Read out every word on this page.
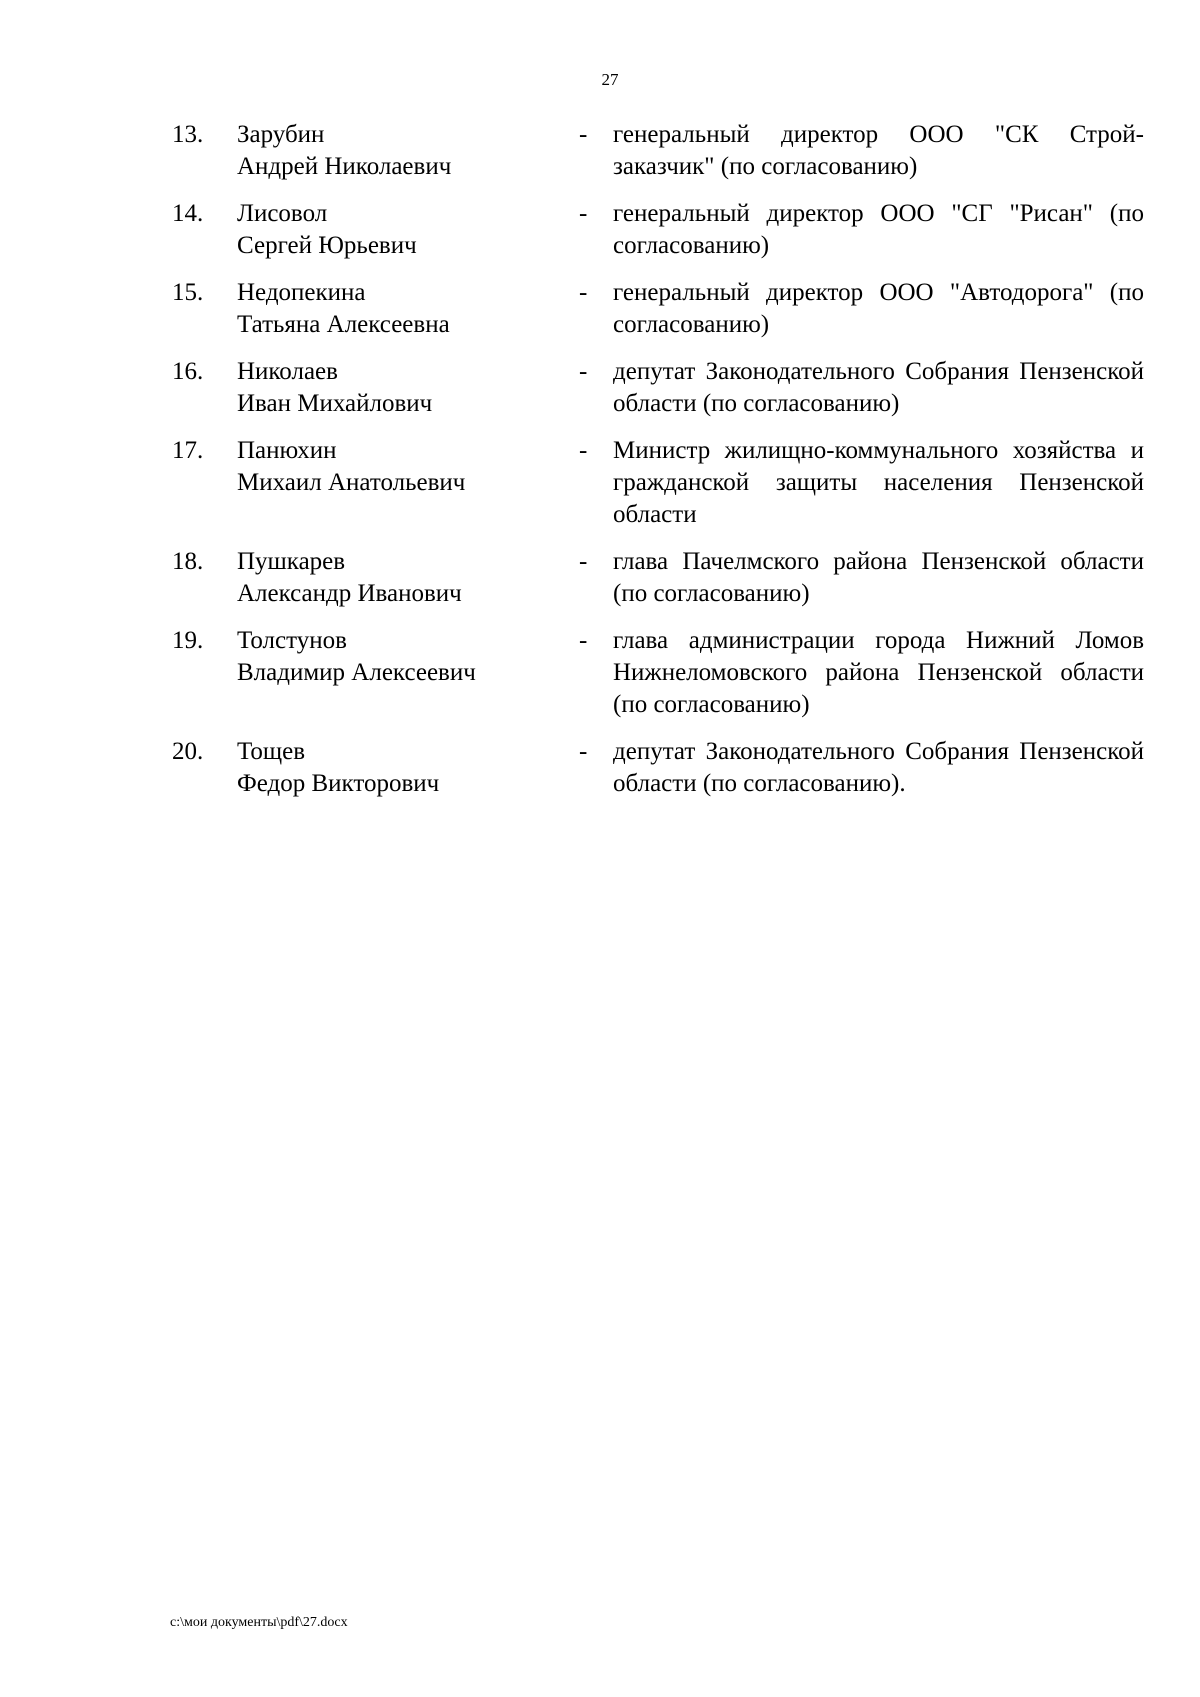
27
13. Зарубин
Андрей Николаевич
- генеральный директор ООО "СК Строй-заказчик" (по согласованию)
14. Лисовол
Сергей Юрьевич
- генеральный директор ООО "СГ "Рисан" (по согласованию)
15. Недопекина
Татьяна Алексеевна
- генеральный директор ООО "Автодорога" (по согласованию)
16. Николаев
Иван Михайлович
- депутат Законодательного Собрания Пензенской области (по согласованию)
17. Панюхин
Михаил Анатольевич
- Министр жилищно-коммунального хозяйства и гражданской защиты населения Пензенской области
18. Пушкарев
Александр Иванович
- глава Пачелмского района Пензенской области (по согласованию)
19. Толстунов
Владимир Алексеевич
- глава администрации города Нижний Ломов Нижнеломовского района Пензенской области (по согласованию)
20. Тощев
Федор Викторович
- депутат Законодательного Собрания Пензенской области (по согласованию).
c:\мои документы\pdf\27.docx
